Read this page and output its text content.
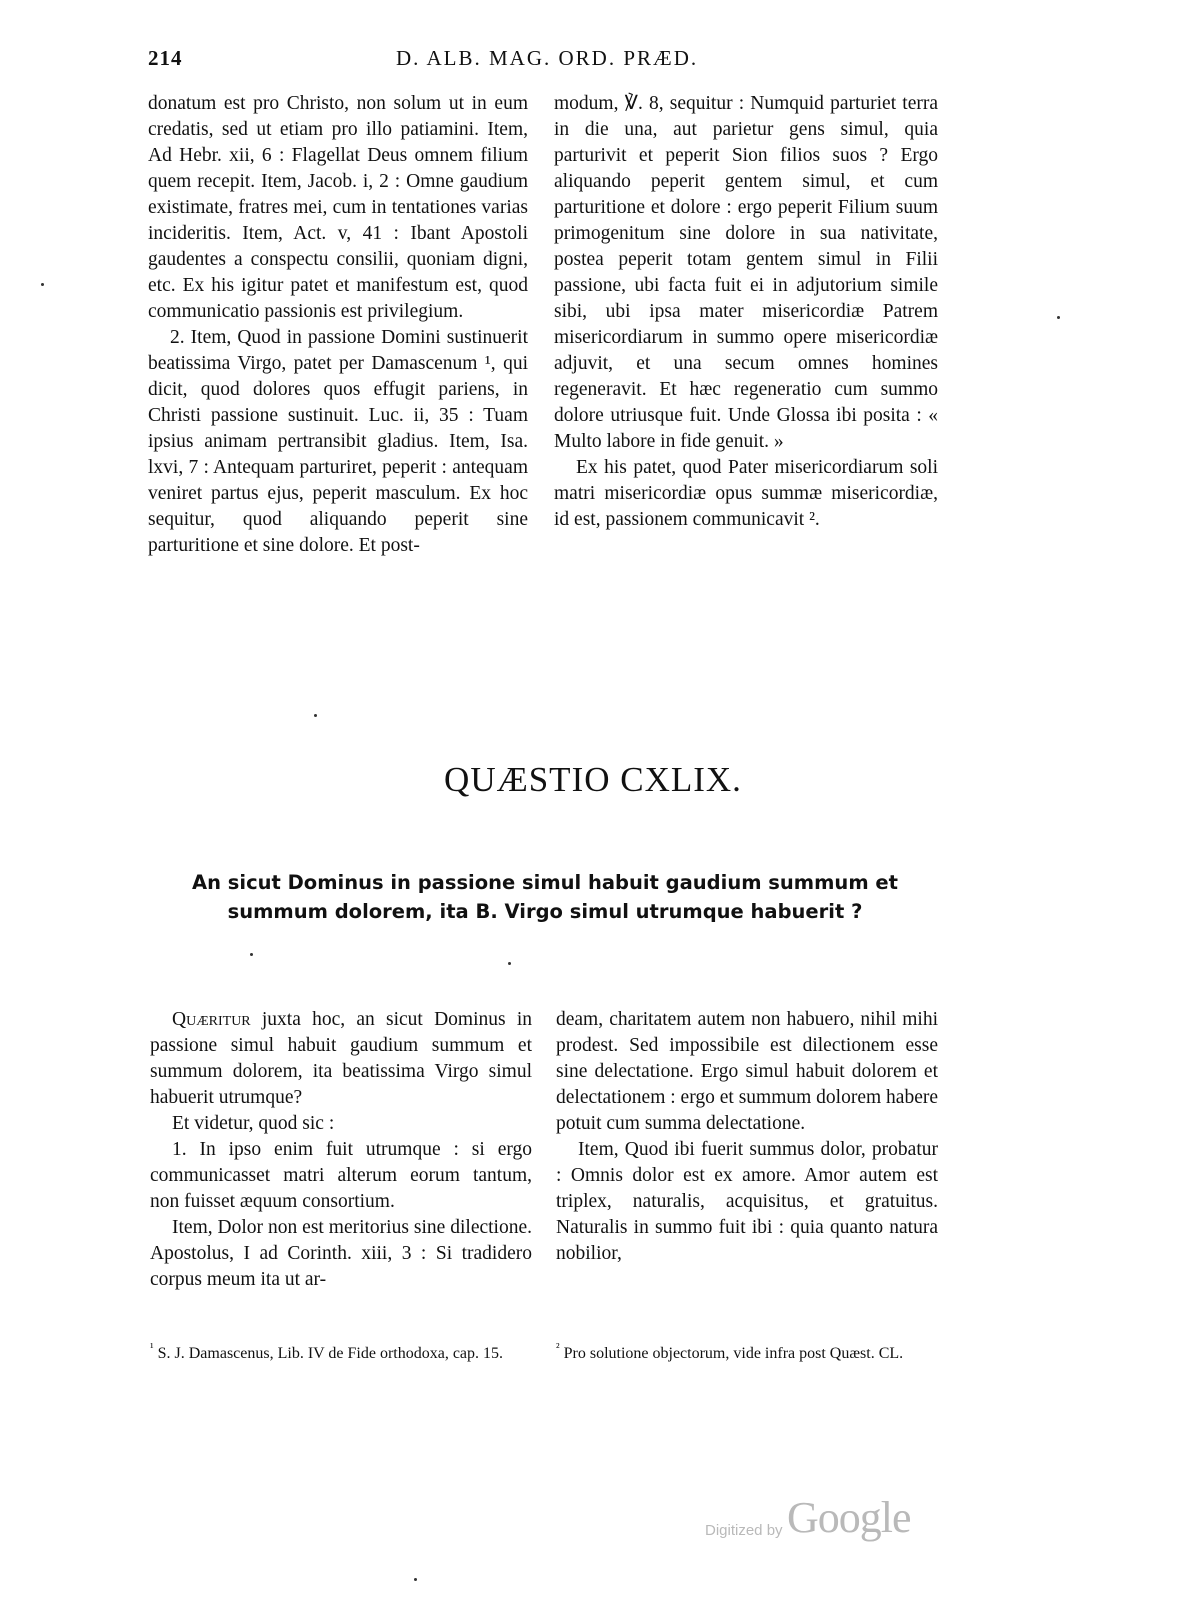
214	D. ALB. MAG. ORD. PRÆD.

donatum est pro Christo, non solum ut in eum credatis, sed ut etiam pro illo patiamini. Item, Ad Hebr. xii, 6 : Flagellat Deus omnem filium quem recepit. Item, Jacob. i, 2 : Omne gaudium existimate, fratres mei, cum in tentationes varias incideritis. Item, Act. v, 41 : Ibant Apostoli gaudentes a conspectu consilii, quoniam digni, etc. Ex his igitur patet et manifestum est, quod communicatio passionis est privilegium.

2. Item, Quod in passione Domini sustinuerit beatissima Virgo, patet per Damascenum ¹, qui dicit, quod dolores quos effugit pariens, in Christi passione sustinuit. Luc. ii, 35 : Tuam ipsius animam pertransibit gladius. Item, Isa. lxvi, 7 : Antequam parturiret, peperit : antequam veniret partus ejus, peperit masculum. Ex hoc sequitur, quod aliquando peperit sine parturitione et sine dolore. Et post-

modum, ℣. 8, sequitur : Numquid parturiet terra in die una, aut parietur gens simul, quia parturivit et peperit Sion filios suos ? Ergo aliquando peperit gentem simul, et cum parturitione et dolore : ergo peperit Filium suum primogenitum sine dolore in sua nativitate, postea peperit totam gentem simul in Filii passione, ubi facta fuit ei in adjutorium simile sibi, ubi ipsa mater misericordiæ Patrem misericordiarum in summo opere misericordiæ adjuvit, et una secum omnes homines regeneravit. Et hæc regeneratio cum summo dolore utriusque fuit. Unde Glossa ibi posita : « Multo labore in fide genuit. »

Ex his patet, quod Pater misericordiarum soli matri misericordiæ opus summæ misericordiæ, id est, passionem communicavit ².

QUÆSTIO CXLIX.
An sicut Dominus in passione simul habuit gaudium summum et
summum dolorem, ita B. Virgo simul utrumque habuerit ?

Quæritur juxta hoc, an sicut Dominus in passione simul habuit gaudium summum et summum dolorem, ita beatissima Virgo simul habuerit utrumque?

Et videtur, quod sic :

1. In ipso enim fuit utrumque : si ergo communicasset matri alterum eorum tantum, non fuisset æquum consortium.

Item, Dolor non est meritorius sine dilectione. Apostolus, I ad Corinth. xiii, 3 : Si tradidero corpus meum ita ut ar-

deam, charitatem autem non habuero, nihil mihi prodest. Sed impossibile est dilectionem esse sine delectatione. Ergo simul habuit dolorem et delectationem : ergo et summum dolorem habere potuit cum summa delectatione.

Item, Quod ibi fuerit summus dolor, probatur : Omnis dolor est ex amore. Amor autem est triplex, naturalis, acquisitus, et gratuitus. Naturalis in summo fuit ibi : quia quanto natura nobilior,

$^{^1}$ S. J. Damascenus, Lib. IV de Fide orthodoxa, cap. 15.	$^{^2}$ Pro solutione objectorum, vide infra post Quæst. CL.
Digitized by Google
